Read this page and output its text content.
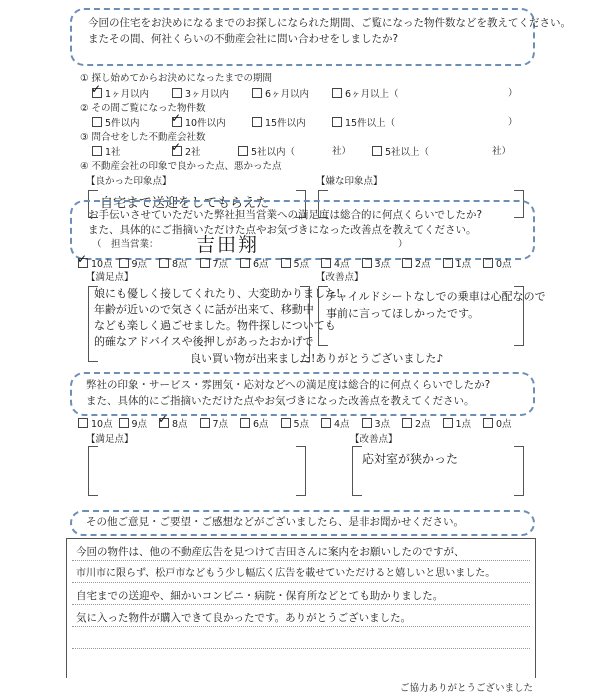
今回の住宅をお決めになるまでのお探しになられた期間、ご覧になった物件数などを教えてください。
またその間、何社くらいの不動産会社に問い合わせをしましたか?
① 探し始めてからお決めになったまでの期間
✓ 1ヶ月以内	3ヶ月以内	6ヶ月以内	6ヶ月以上（	）
② その間ご覧になった物件数
5件以内	✓ 10件以内	15件以内	15件以上（	）
③ 問合せをした不動産会社数
1社	✓ 2社	5社以内（	社）	5社以上（	社）
④ 不動産会社の印象で良かった点、悪かった点
【良かった印象点】
自宅まで送迎をしてもらえた
【嫌な印象点】
お手伝いさせていただいた弊社担当営業への満足度は総合的に何点くらいでしたか?
また、具体的にご指摘いただけた点やお気づきになった改善点を教えてください。
（　担当営業： 吉田翔	）
✓ 10点	9点	8点	7点	6点	5点	4点	3点	2点	1点	0点
【満足点】
娘にも優しく接してくれたり、大変助かりました!
年齢が近いので気さくに話が出来て、移動中
なども楽しく過ごせました。物件探しについても
的確なアドバイスや後押しがあったおかげで
良い買い物が出来ました!ありがとうございました♪
【改善点】
チャイルドシートなしでの乗車は心配なので
事前に言ってほしかったです。
弊社の印象・サービス・雰囲気・応対などへの満足度は総合的に何点くらいでしたか?
また、具体的にご指摘いただけた点やお気づきになった改善点を教えてください。
10点	9点 ✓ 8点	7点	6点	5点	4点	3点	2点	1点	0点
【満足点】	【改善点】
応対室が狭かった
その他ご意見・ご要望・ご感想などがございましたら、是非お聞かせください。
今回の物件は、他の不動産広告を見つけて吉田さんに案内をお願いしたのですが、
市川市に限らず、松戸市などもう少し幅広く広告を載せていただけると嬉しいと思いました。
自宅までの送迎や、細かいコンビニ・病院・保育所などとても助かりました。
気に入った物件が購入できて良かったです。ありがとうございました。
ご協力ありがとうございました
